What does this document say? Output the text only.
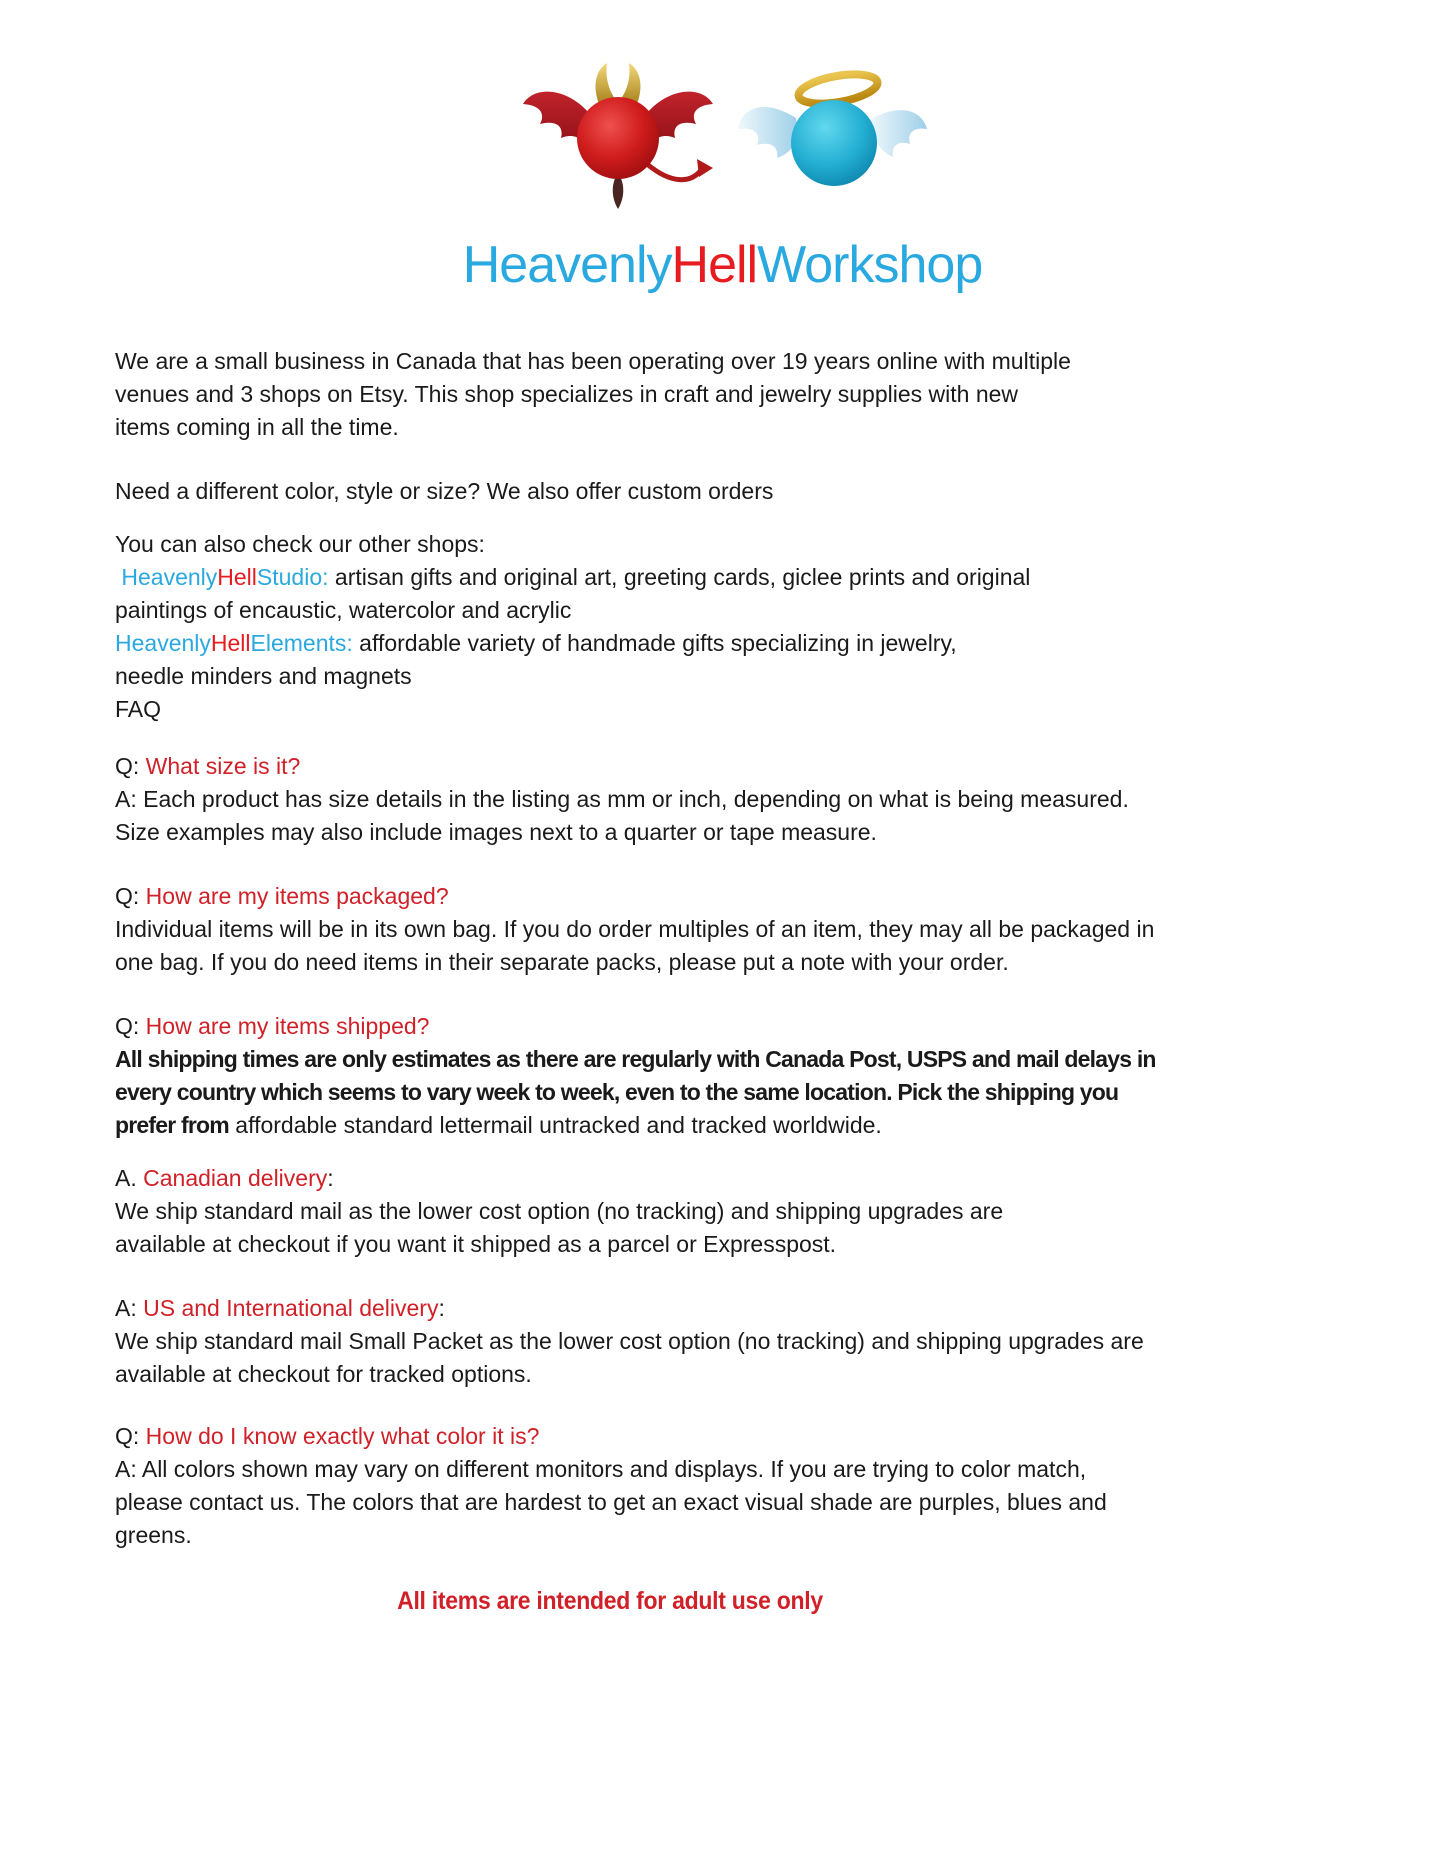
HeavenlyHellWorkshop

We are a small business in Canada that has been operating over 19 years online with multiple
venues and 3 shops on Etsy. This shop specializes in craft and jewelry supplies with new
items coming in all the time.

Need a different color, style or size? We also offer custom orders

You can also check our other shops:
HeavenlyHellStudio: artisan gifts and original art, greeting cards, giclee prints and original
paintings of encaustic, watercolor and acrylic
HeavenlyHellElements: affordable variety of handmade gifts specializing in jewelry,
needle minders and magnets
FAQ

Q: What size is it?
A: Each product has size details in the listing as mm or inch, depending on what is being measured.
Size examples may also include images next to a quarter or tape measure.

Q: How are my items packaged?
Individual items will be in its own bag. If you do order multiples of an item, they may all be packaged in
one bag. If you do need items in their separate packs, please put a note with your order.

Q: How are my items shipped?
All shipping times are only estimates as there are regularly with Canada Post, USPS and mail delays in
every country which seems to vary week to week, even to the same location. Pick the shipping you
prefer from affordable standard lettermail untracked and tracked worldwide.

A. Canadian delivery:
We ship standard mail as the lower cost option (no tracking) and shipping upgrades are
available at checkout if you want it shipped as a parcel or Expresspost.

A: US and International delivery:
We ship standard mail Small Packet as the lower cost option (no tracking) and shipping upgrades are
available at checkout for tracked options.

Q: How do I know exactly what color it is?
A: All colors shown may vary on different monitors and displays. If you are trying to color match,
please contact us. The colors that are hardest to get an exact visual shade are purples, blues and
greens.

All items are intended for adult use only
